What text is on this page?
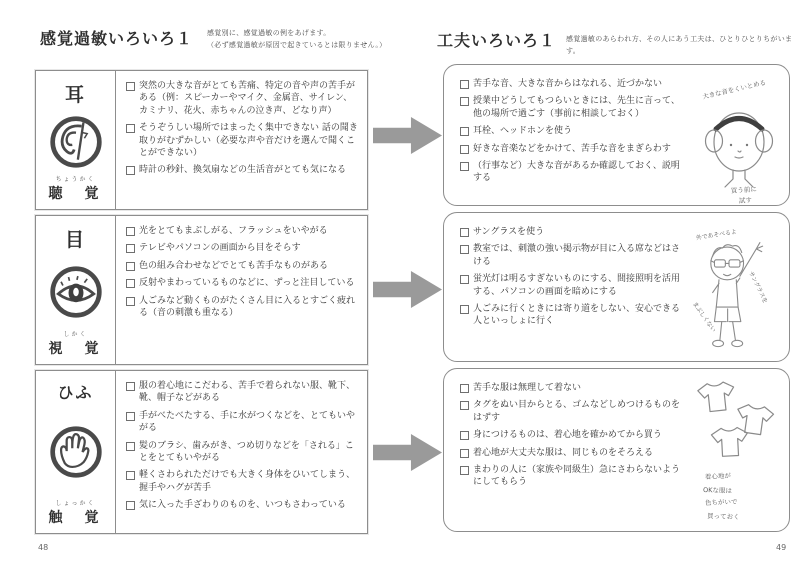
感覚過敏いろいろ１ 感覚別に、感覚過敏の例をあげます。
（必ず感覚過敏が原因で起きているとは限りません。）	工夫いろいろ１ 感覚過敏のあらわれ方、その人にあう工夫は、ひとりひとりちがいます。
耳
ちょうかく
聴　覚
突然の大きな音がとても苦痛、特定の音や声の苦手がある（例：スピーカーやマイク、金属音、サイレン、カミナリ、花火、赤ちゃんの泣き声、どなり声）
そうぞうしい場所ではまったく集中できない 話の聞き取りがむずかしい（必要な声や音だけを選んで聞くことができない）
時計の秒針、換気扇などの生活音がとても気になる
目
しかく
視　覚
光をとてもまぶしがる、フラッシュをいやがる
テレビやパソコンの画面から目をそらす
色の組み合わせなどでとても苦手なものがある
反射やまわっているものなどに、ずっと注目している
人ごみなど動くものがたくさん目に入るとすごく疲れる（音の刺激も重なる）
ひふ
しょっかく
触　覚
服の着心地にこだわる、苦手で着られない服、靴下、靴、帽子などがある
手がべたべたする、手に水がつくなどを、とてもいやがる
髪のブラシ、歯みがき、つめ切りなどを「される」ことをとてもいやがる
軽くさわられただけでも大きく身体をひいてしまう、握手やハグが苦手
気に入った手ざわりのものを、いつもさわっている
苦手な音、大きな音からはなれる、近づかない
授業中どうしてもつらいときには、先生に言って、他の場所で過ごす（事前に相談しておく）
耳栓、ヘッドホンを使う
好きな音楽などをかけて、苦手な音をまぎらわす
（行事など）大きな音があるか確認しておく、説明する
大きな音をくいとめる
買う前に
試す
サングラスを使う
教室では、刺激の強い掲示物が目に入る席などはさける
蛍光灯は明るすぎないものにする、間接照明を活用する、パソコンの画面を暗めにする
人ごみに行くときには寄り道をしない、安心できる人といっしょに行く
外であそべるよ
サングラスを
まぶしくない
苦手な服は無理して着ない
タグをぬい目からとる、ゴムなどしめつけるものをはずす
身につけるものは、着心地を確かめてから買う
着心地が大丈夫な服は、同じものをそろえる
まわりの人に（家族や同級生）急にさわらないようにしてもらう
着心地が
OKな服は
色ちがいで
買っておく
48	49
